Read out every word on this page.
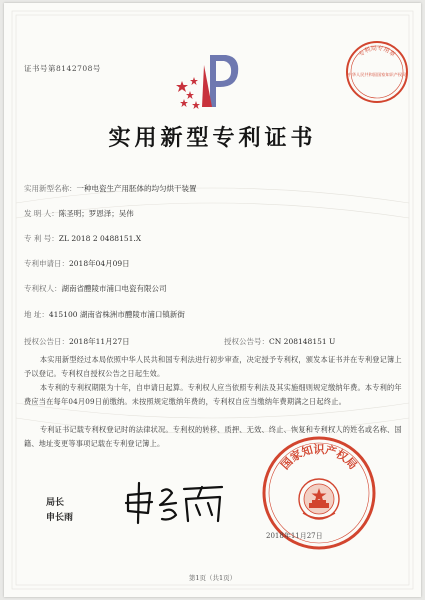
证书号第8142708号
专利局专用章
中华人民共和国国家知识产权局
实用新型专利证书
实用新型名称：一种电瓷生产用胚体的均匀烘干装置
发 明 人：陈圣明；罗恩泽；吴伟
专 利 号：ZL 2018 2 0488151.X
专利申请日：2018年04月09日
专利权人：湖南省醴陵市浦口电瓷有限公司
地 址：415100 湖南省株洲市醴陵市浦口镇新街
授权公告日：2018年11月27日	授权公告号：CN 208148151 U
本实用新型经过本局依照中华人民共和国专利法进行初步审查，决定授予专利权，颁发本证书并在专利登记簿上予以登记。专利权自授权公告之日起生效。
本专利的专利权期限为十年，自申请日起算。专利权人应当依照专利法及其实施细则规定缴纳年费。本专利的年费应当在每年04月09日前缴纳。未按照规定缴纳年费的，专利权自应当缴纳年费期满之日起终止。
专利证书记载专利权登记时的法律状况。专利权的转移、质押、无效、终止、恢复和专利权人的姓名或名称、国籍、地址变更等事项记载在专利登记簿上。
局长
申长雨
国家知识产权局
2018年11月27日
第1页（共1页）
